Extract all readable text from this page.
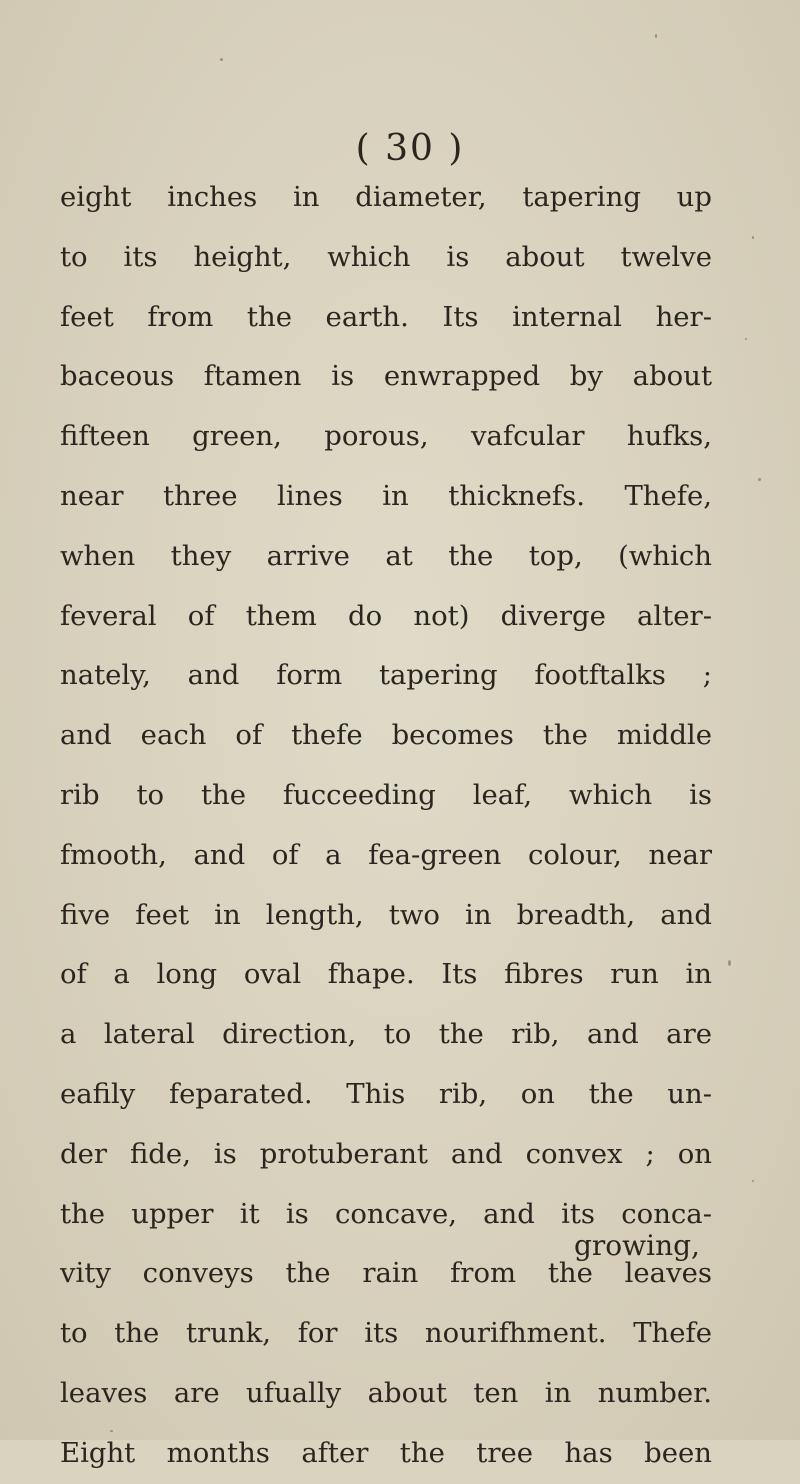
( 30 )
eight inches in diameter, tapering up
to its height, which is about twelve
feet from the earth. Its internal her-
baceous ftamen is enwrapped by about
fifteen green, porous, vafcular hufks,
near three lines in thicknefs. Thefe,
when they arrive at the top, (which
feveral of them do not) diverge alter-
nately, and form tapering footftalks ;
and each of thefe becomes the middle
rib to the fucceeding leaf, which is
fmooth, and of a fea-green colour, near
five feet in length, two in breadth, and
of a long oval fhape. Its fibres run in
a lateral direction, to the rib, and are
eafily feparated. This rib, on the un-
der fide, is protuberant and convex ; on
the upper it is concave, and its conca-
vity conveys the rain from the leaves
to the trunk, for its nourifhment. Thefe
leaves are ufually about ten in number.
Eight months after the tree has been
growing,
